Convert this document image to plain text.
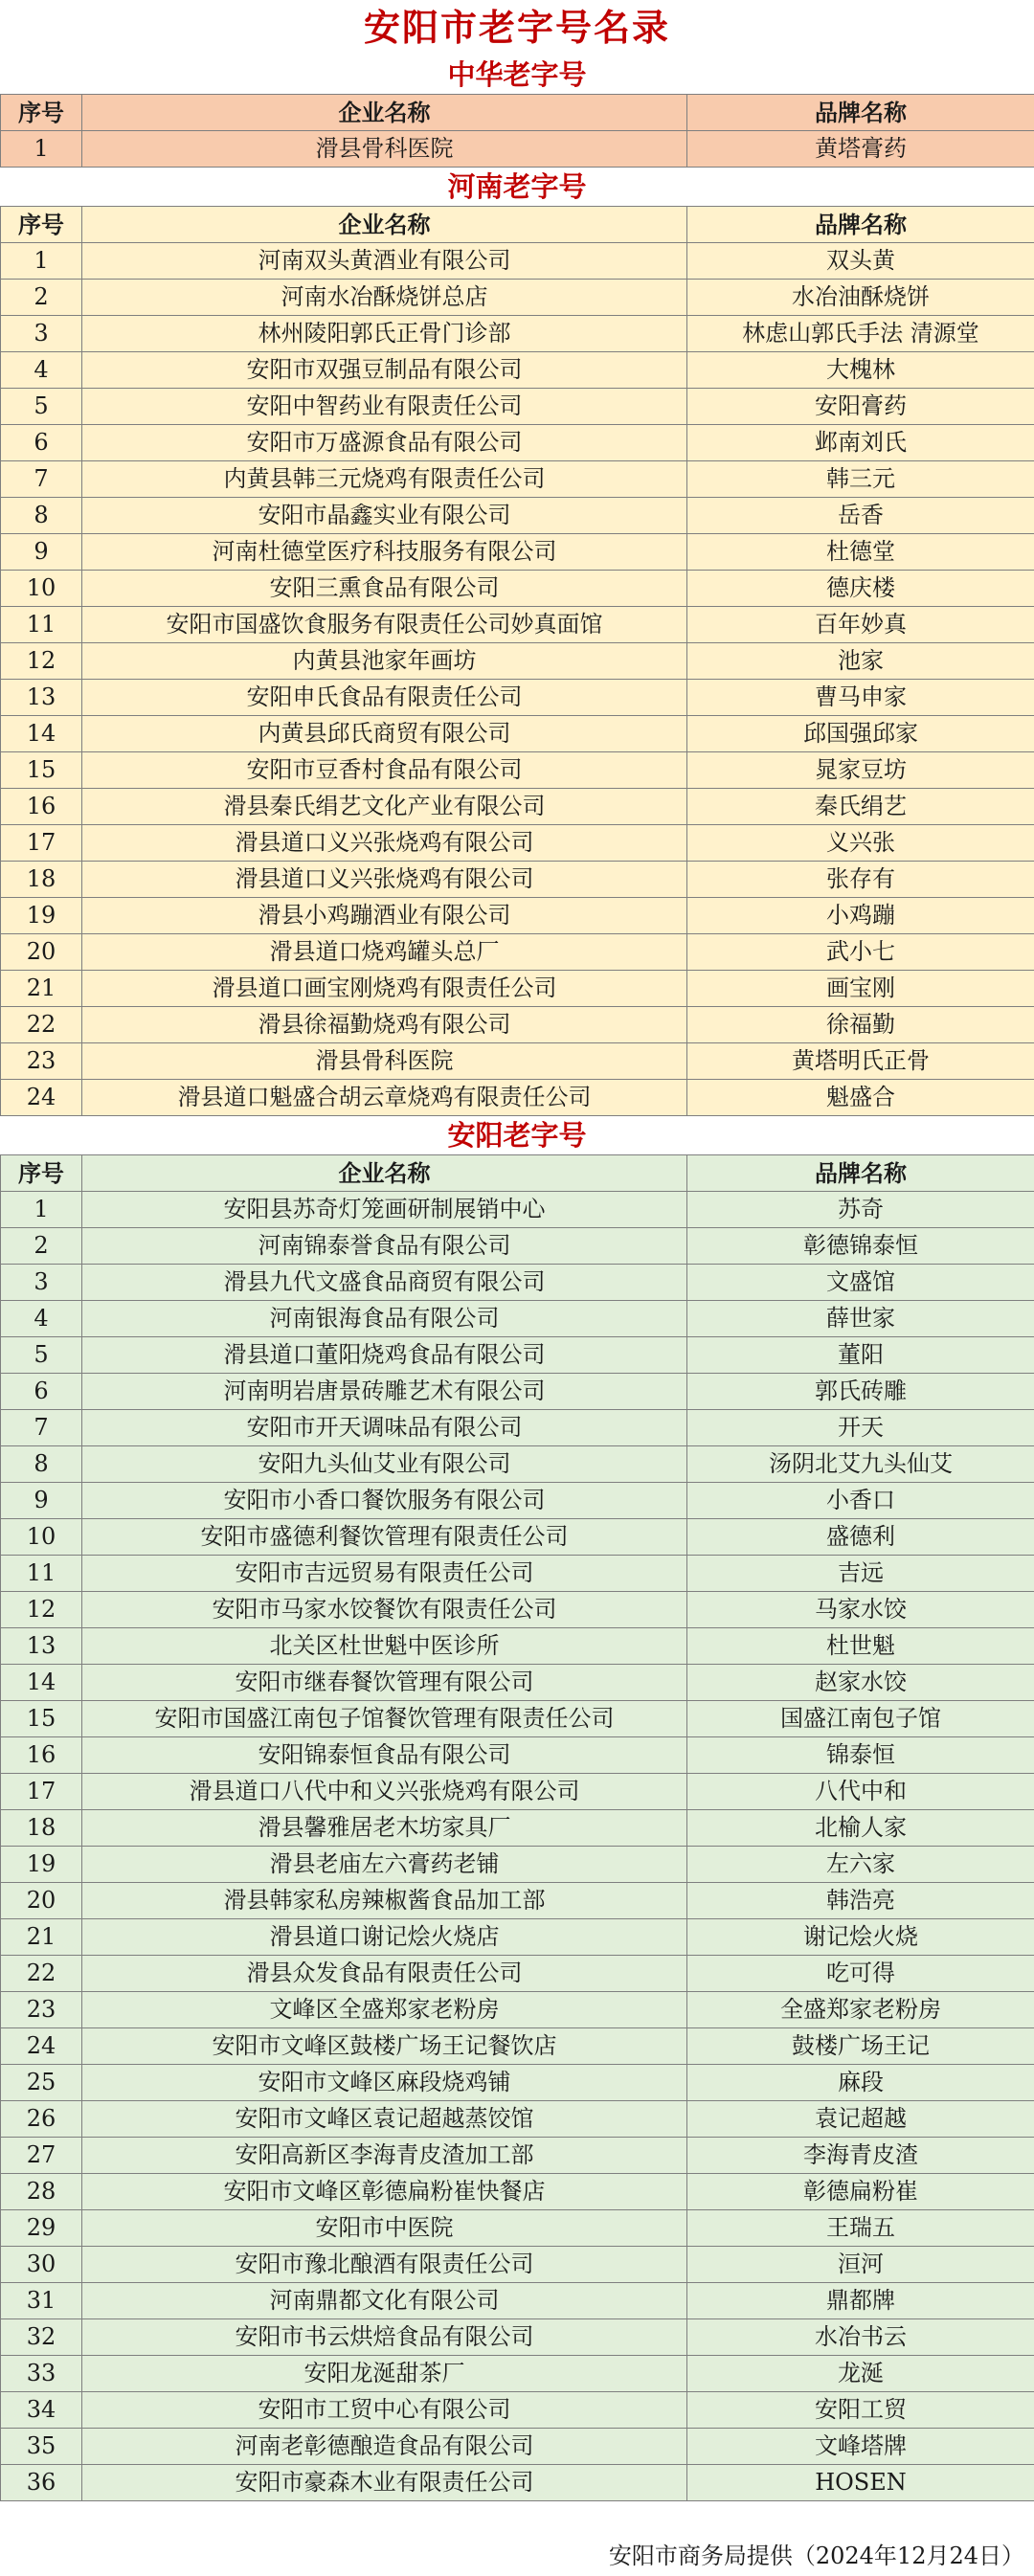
安阳市老字号名录
中华老字号
序号	企业名称	品牌名称
1	滑县骨科医院	黄塔膏药
河南老字号
序号	企业名称	品牌名称
1	河南双头黄酒业有限公司	双头黄
2	河南水冶酥烧饼总店	水冶油酥烧饼
3	林州陵阳郭氏正骨门诊部	林虑山郭氏手法 清源堂
4	安阳市双强豆制品有限公司	大槐林
5	安阳中智药业有限责任公司	安阳膏药
6	安阳市万盛源食品有限公司	邺南刘氏
7	内黄县韩三元烧鸡有限责任公司	韩三元
8	安阳市晶鑫实业有限公司	岳香
9	河南杜德堂医疗科技服务有限公司	杜德堂
10	安阳三熏食品有限公司	德庆楼
11	安阳市国盛饮食服务有限责任公司妙真面馆	百年妙真
12	内黄县池家年画坊	池家
13	安阳申氏食品有限责任公司	曹马申家
14	内黄县邱氏商贸有限公司	邱国强邱家
15	安阳市豆香村食品有限公司	晁家豆坊
16	滑县秦氏绢艺文化产业有限公司	秦氏绢艺
17	滑县道口义兴张烧鸡有限公司	义兴张
18	滑县道口义兴张烧鸡有限公司	张存有
19	滑县小鸡蹦酒业有限公司	小鸡蹦
20	滑县道口烧鸡罐头总厂	武小七
21	滑县道口画宝刚烧鸡有限责任公司	画宝刚
22	滑县徐福勤烧鸡有限公司	徐福勤
23	滑县骨科医院	黄塔明氏正骨
24	滑县道口魁盛合胡云章烧鸡有限责任公司	魁盛合
安阳老字号
序号	企业名称	品牌名称
1	安阳县苏奇灯笼画研制展销中心	苏奇
2	河南锦泰誉食品有限公司	彰德锦泰恒
3	滑县九代文盛食品商贸有限公司	文盛馆
4	河南银海食品有限公司	薛世家
5	滑县道口董阳烧鸡食品有限公司	董阳
6	河南明岩唐景砖雕艺术有限公司	郭氏砖雕
7	安阳市开天调味品有限公司	开天
8	安阳九头仙艾业有限公司	汤阴北艾九头仙艾
9	安阳市小香口餐饮服务有限公司	小香口
10	安阳市盛德利餐饮管理有限责任公司	盛德利
11	安阳市吉远贸易有限责任公司	吉远
12	安阳市马家水饺餐饮有限责任公司	马家水饺
13	北关区杜世魁中医诊所	杜世魁
14	安阳市继春餐饮管理有限公司	赵家水饺
15	安阳市国盛江南包子馆餐饮管理有限责任公司	国盛江南包子馆
16	安阳锦泰恒食品有限公司	锦泰恒
17	滑县道口八代中和义兴张烧鸡有限公司	八代中和
18	滑县馨雅居老木坊家具厂	北榆人家
19	滑县老庙左六膏药老铺	左六家
20	滑县韩家私房辣椒酱食品加工部	韩浩亮
21	滑县道口谢记烩火烧店	谢记烩火烧
22	滑县众发食品有限责任公司	吃可得
23	文峰区全盛郑家老粉房	全盛郑家老粉房
24	安阳市文峰区鼓楼广场王记餐饮店	鼓楼广场王记
25	安阳市文峰区麻段烧鸡铺	麻段
26	安阳市文峰区袁记超越蒸饺馆	袁记超越
27	安阳高新区李海青皮渣加工部	李海青皮渣
28	安阳市文峰区彰德扁粉崔快餐店	彰德扁粉崔
29	安阳市中医院	王瑞五
30	安阳市豫北酿酒有限责任公司	洹河
31	河南鼎都文化有限公司	鼎都牌
32	安阳市书云烘焙食品有限公司	水冶书云
33	安阳龙涎甜茶厂	龙涎
34	安阳市工贸中心有限公司	安阳工贸
35	河南老彰德酿造食品有限公司	文峰塔牌
36	安阳市豪森木业有限责任公司	HOSEN
安阳市商务局提供（2024年12月24日）
